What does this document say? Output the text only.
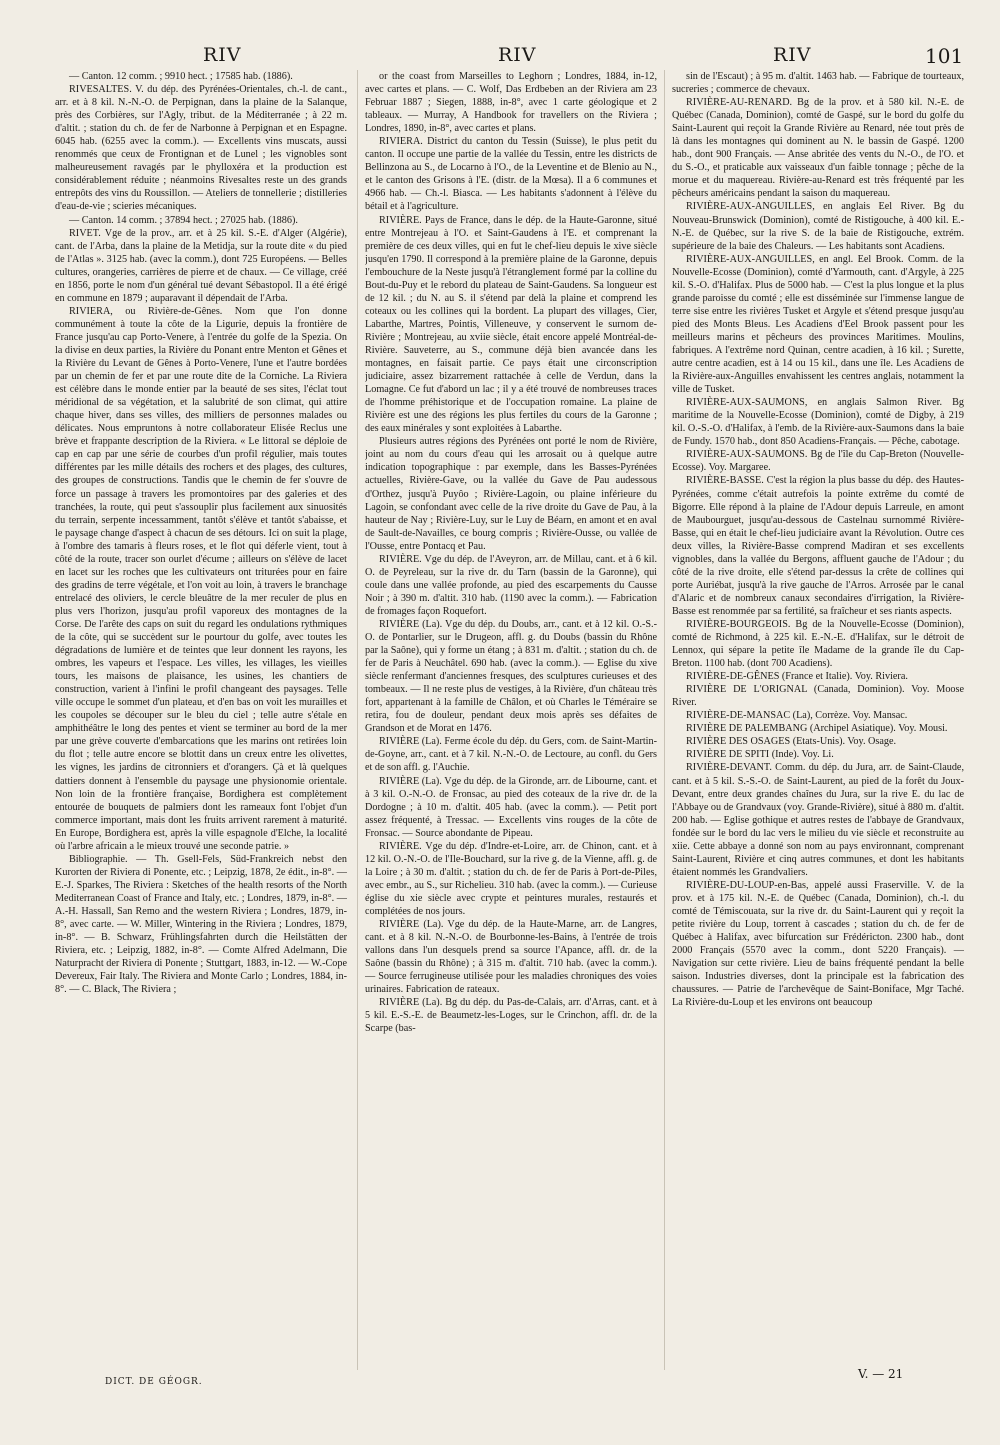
RIV	RIV	RIV	101

— Canton. 12 comm. ; 9910 hect. ; 17585 hab. (1886).

RIVESALTES. V. du dép. des Pyrénées-Orientales, ch.-l. de cant., arr. et à 8 kil. N.-N.-O. de Perpignan, dans la plaine de la Salanque, près des Corbières, sur l'Agly, tribut. de la Méditerranée ; à 22 m. d'altit. ; station du ch. de fer de Narbonne à Perpignan et en Espagne. 6045 hab. (6255 avec la comm.). — Excellents vins muscats, aussi renommés que ceux de Frontignan et de Lunel ; les vignobles sont malheureusement ravagés par le phylloxéra et la production est considérablement réduite ; néanmoins Rivesaltes reste un des grands entrepôts des vins du Roussillon. — Ateliers de tonnellerie ; distilleries d'eau-de-vie ; scieries mécaniques.

— Canton. 14 comm. ; 37894 hect. ; 27025 hab. (1886).

RIVET. Vge de la prov., arr. et à 25 kil. S.-E. d'Alger (Algérie), cant. de l'Arba, dans la plaine de la Metidja, sur la route dite « du pied de l'Atlas ». 3125 hab. (avec la comm.), dont 725 Européens. — Belles cultures, orangeries, carrières de pierre et de chaux. — Ce village, créé en 1856, porte le nom d'un général tué devant Sébastopol. Il a été érigé en commune en 1879 ; auparavant il dépendait de l'Arba.

RIVIERA, ou Rivière-de-Gênes. Nom que l'on donne communément à toute la côte de la Ligurie, depuis la frontière de France jusqu'au cap Porto-Venere, à l'entrée du golfe de la Spezia. On la divise en deux parties, la Rivière du Ponant entre Menton et Gênes et la Rivière du Levant de Gênes à Porto-Venere, l'une et l'autre bordées par un chemin de fer et par une route dite de la Corniche. La Riviera est célèbre dans le monde entier par la beauté de ses sites, l'éclat tout méridional de sa végétation, et la salubrité de son climat, qui attire chaque hiver, dans ses villes, des milliers de personnes malades ou délicates. Nous empruntons à notre collaborateur Elisée Reclus une brève et frappante description de la Riviera. « Le littoral se déploie de cap en cap par une série de courbes d'un profil régulier, mais toutes différentes par les mille détails des rochers et des plages, des cultures, des groupes de constructions. Tandis que le chemin de fer s'ouvre de force un passage à travers les promontoires par des galeries et des tranchées, la route, qui peut s'assouplir plus facilement aux sinuosités du terrain, serpente incessamment, tantôt s'élève et tantôt s'abaisse, et le paysage change d'aspect à chacun de ses détours. Ici on suit la plage, à l'ombre des tamaris à fleurs roses, et le flot qui déferle vient, tout à côté de la route, tracer son ourlet d'écume ; ailleurs on s'élève de lacet en lacet sur les roches que les cultivateurs ont triturées pour en faire des gradins de terre végétale, et l'on voit au loin, à travers le branchage entrelacé des oliviers, le cercle bleuâtre de la mer reculer de plus en plus vers l'horizon, jusqu'au profil vaporeux des montagnes de la Corse. De l'arête des caps on suit du regard les ondulations rythmiques de la côte, qui se succèdent sur le pourtour du golfe, avec toutes les dégradations de lumière et de teintes que leur donnent les rayons, les ombres, les vapeurs et l'espace. Les villes, les villages, les vieilles tours, les maisons de plaisance, les usines, les chantiers de construction, varient à l'infini le profil changeant des paysages. Telle ville occupe le sommet d'un plateau, et d'en bas on voit les murailles et les coupoles se découper sur le bleu du ciel ; telle autre s'étale en amphithéâtre le long des pentes et vient se terminer au bord de la mer par une grève couverte d'embarcations que les marins ont retirées loin du flot ; telle autre encore se blottit dans un creux entre les olivettes, les vignes, les jardins de citronniers et d'orangers. Çà et là quelques dattiers donnent à l'ensemble du paysage une physionomie orientale. Non loin de la frontière française, Bordighera est complètement entourée de bouquets de palmiers dont les rameaux font l'objet d'un commerce important, mais dont les fruits arrivent rarement à maturité. En Europe, Bordighera est, après la ville espagnole d'Elche, la localité où l'arbre africain a le mieux trouvé une seconde patrie. »

Bibliographie. — Th. Gsell-Fels, Süd-Frankreich nebst den Kurorten der Riviera di Ponente, etc. ; Leipzig, 1878, 2e édit., in-8°. — E.-J. Sparkes, The Riviera : Sketches of the health resorts of the North Mediterranean Coast of France and Italy, etc. ; Londres, 1879, in-8°. — A.-H. Hassall, San Remo and the western Riviera ; Londres, 1879, in-8°, avec carte. — W. Miller, Wintering in the Riviera ; Londres, 1879, in-8°. — B. Schwarz, Frühlingsfahrten durch die Heilstätten der Riviera, etc. ; Leipzig, 1882, in-8°. — Comte Alfred Adelmann, Die Naturpracht der Riviera di Ponente ; Stuttgart, 1883, in-12. — W.-Cope Devereux, Fair Italy. The Riviera and Monte Carlo ; Londres, 1884, in-8°. — C. Black, The Riviera ;

or the coast from Marseilles to Leghorn ; Londres, 1884, in-12, avec cartes et plans. — C. Wolf, Das Erdbeben an der Riviera am 23 Februar 1887 ; Siegen, 1888, in-8°, avec 1 carte géologique et 2 tableaux. — Murray, A Handbook for travellers on the Riviera ; Londres, 1890, in-8°, avec cartes et plans.

RIVIERA. District du canton du Tessin (Suisse), le plus petit du canton. Il occupe une partie de la vallée du Tessin, entre les districts de Bellinzona au S., de Locarno à l'O., de la Leventine et de Blenio au N., et le canton des Grisons à l'E. (distr. de la Mœsa). Il a 6 communes et 4966 hab. — Ch.-l. Biasca. — Les habitants s'adonnent à l'élève du bétail et à l'agriculture.

RIVIÈRE. Pays de France, dans le dép. de la Haute-Garonne, situé entre Montrejeau à l'O. et Saint-Gaudens à l'E. et comprenant la première de ces deux villes, qui en fut le chef-lieu depuis le xive siècle jusqu'en 1790. Il correspond à la première plaine de la Garonne, depuis l'embouchure de la Neste jusqu'à l'étranglement formé par la colline du Bout-du-Puy et le rebord du plateau de Saint-Gaudens. Sa longueur est de 12 kil. ; du N. au S. il s'étend par delà la plaine et comprend les coteaux ou les collines qui la bordent. La plupart des villages, Cier, Labarthe, Martres, Pointis, Villeneuve, y conservent le surnom de-Rivière ; Montrejeau, au xviie siècle, était encore appelé Montréal-de-Rivière. Sauveterre, au S., commune déjà bien avancée dans les montagnes, en faisait partie. Ce pays était une circonscription judiciaire, assez bizarrement rattachée à celle de Verdun, dans la Lomagne. Ce fut d'abord un lac ; il y a été trouvé de nombreuses traces de l'homme préhistorique et de l'occupation romaine. La plaine de Rivière est une des régions les plus fertiles du cours de la Garonne ; des eaux minérales y sont exploitées à Labarthe.

Plusieurs autres régions des Pyrénées ont porté le nom de Rivière, joint au nom du cours d'eau qui les arrosait ou à quelque autre indication topographique : par exemple, dans les Basses-Pyrénées actuelles, Rivière-Gave, ou la vallée du Gave de Pau audessous d'Orthez, jusqu'à Puyôo ; Rivière-Lagoin, ou plaine inférieure du Lagoin, se confondant avec celle de la rive droite du Gave de Pau, à la hauteur de Nay ; Rivière-Luy, sur le Luy de Béarn, en amont et en aval de Sault-de-Navailles, ce bourg compris ; Rivière-Ousse, ou vallée de l'Ousse, entre Pontacq et Pau.

RIVIÈRE. Vge du dép. de l'Aveyron, arr. de Millau, cant. et à 6 kil. O. de Peyreleau, sur la rive dr. du Tarn (bassin de la Garonne), qui coule dans une vallée profonde, au pied des escarpements du Causse Noir ; à 390 m. d'altit. 310 hab. (1190 avec la comm.). — Fabrication de fromages façon Roquefort.

RIVIÈRE (La). Vge du dép. du Doubs, arr., cant. et à 12 kil. O.-S.-O. de Pontarlier, sur le Drugeon, affl. g. du Doubs (bassin du Rhône par la Saône), qui y forme un étang ; à 831 m. d'altit. ; station du ch. de fer de Paris à Neuchâtel. 690 hab. (avec la comm.). — Eglise du xive siècle renfermant d'anciennes fresques, des sculptures curieuses et des tombeaux. — Il ne reste plus de vestiges, à la Rivière, d'un château très fort, appartenant à la famille de Châlon, et où Charles le Téméraire se retira, fou de douleur, pendant deux mois après ses défaites de Grandson et de Morat en 1476.

RIVIÈRE (La). Ferme école du dép. du Gers, com. de Saint-Martin-de-Goyne, arr., cant. et à 7 kil. N.-N.-O. de Lectoure, au confl. du Gers et de son affl. g. l'Auchie.

RIVIÈRE (La). Vge du dép. de la Gironde, arr. de Libourne, cant. et à 3 kil. O.-N.-O. de Fronsac, au pied des coteaux de la rive dr. de la Dordogne ; à 10 m. d'altit. 405 hab. (avec la comm.). — Petit port assez fréquenté, à Tressac. — Excellents vins rouges de la côte de Fronsac. — Source abondante de Pipeau.

RIVIÈRE. Vge du dép. d'Indre-et-Loire, arr. de Chinon, cant. et à 12 kil. O.-N.-O. de l'Ile-Bouchard, sur la rive g. de la Vienne, affl. g. de la Loire ; à 30 m. d'altit. ; station du ch. de fer de Paris à Port-de-Piles, avec embr., au S., sur Richelieu. 310 hab. (avec la comm.). — Curieuse église du xie siècle avec crypte et peintures murales, restaurés et complétées de nos jours.

RIVIÈRE (La). Vge du dép. de la Haute-Marne, arr. de Langres, cant. et à 8 kil. N.-N.-O. de Bourbonne-les-Bains, à l'entrée de trois vallons dans l'un desquels prend sa source l'Apance, affl. dr. de la Saône (bassin du Rhône) ; à 315 m. d'altit. 710 hab. (avec la comm.). — Source ferrugineuse utilisée pour les maladies chroniques des voies urinaires. Fabrication de rateaux.

RIVIÈRE (La). Bg du dép. du Pas-de-Calais, arr. d'Arras, cant. et à 5 kil. E.-S.-E. de Beaumetz-les-Loges, sur le Crinchon, affl. dr. de la Scarpe (bas-

sin de l'Escaut) ; à 95 m. d'altit. 1463 hab. — Fabrique de tourteaux, sucreries ; commerce de chevaux.

RIVIÈRE-AU-RENARD. Bg de la prov. et à 580 kil. N.-E. de Québec (Canada, Dominion), comté de Gaspé, sur le bord du golfe du Saint-Laurent qui reçoit la Grande Rivière au Renard, née tout près de là dans les montagnes qui dominent au N. le bassin de Gaspé. 1200 hab., dont 900 Français. — Anse abritée des vents du N.-O., de l'O. et du S.-O., et praticable aux vaisseaux d'un faible tonnage ; pêche de la morue et du maquereau. Rivière-au-Renard est très fréquenté par les pêcheurs américains pendant la saison du maquereau.

RIVIÈRE-AUX-ANGUILLES, en anglais Eel River. Bg du Nouveau-Brunswick (Dominion), comté de Ristigouche, à 400 kil. E.-N.-E. de Québec, sur la rive S. de la baie de Ristigouche, extrém. supérieure de la baie des Chaleurs. — Les habitants sont Acadiens.

RIVIÈRE-AUX-ANGUILLES, en angl. Eel Brook. Comm. de la Nouvelle-Ecosse (Dominion), comté d'Yarmouth, cant. d'Argyle, à 225 kil. S.-O. d'Halifax. Plus de 5000 hab. — C'est la plus longue et la plus grande paroisse du comté ; elle est disséminée sur l'immense langue de terre sise entre les rivières Tusket et Argyle et s'étend presque jusqu'au pied des Monts Bleus. Les Acadiens d'Eel Brook passent pour les meilleurs marins et pêcheurs des provinces Maritimes. Moulins, fabriques. A l'extrême nord Quinan, centre acadien, à 16 kil. ; Surette, autre centre acadien, est à 14 ou 15 kil., dans une île. Les Acadiens de la Rivière-aux-Anguilles envahissent les centres anglais, notamment la ville de Tusket.

RIVIÈRE-AUX-SAUMONS, en anglais Salmon River. Bg maritime de la Nouvelle-Ecosse (Dominion), comté de Digby, à 219 kil. O.-S.-O. d'Halifax, à l'emb. de la Rivière-aux-Saumons dans la baie de Fundy. 1570 hab., dont 850 Acadiens-Français. — Pêche, cabotage.

RIVIÈRE-AUX-SAUMONS. Bg de l'île du Cap-Breton (Nouvelle-Ecosse). Voy. Margaree.

RIVIÈRE-BASSE. C'est la région la plus basse du dép. des Hautes-Pyrénées, comme c'était autrefois la pointe extrême du comté de Bigorre. Elle répond à la plaine de l'Adour depuis Larreule, en amont de Maubourguet, jusqu'au-dessous de Castelnau surnommé Rivière-Basse, qui en était le chef-lieu judiciaire avant la Révolution. Outre ces deux villes, la Rivière-Basse comprend Madiran et ses excellents vignobles, dans la vallée du Bergons, affluent gauche de l'Adour ; du côté de la rive droite, elle s'étend par-dessus la crête de collines qui porte Auriébat, jusqu'à la rive gauche de l'Arros. Arrosée par le canal d'Alaric et de nombreux canaux secondaires d'irrigation, la Rivière-Basse est renommée par sa fertilité, sa fraîcheur et ses riants aspects.

RIVIÈRE-BOURGEOIS. Bg de la Nouvelle-Ecosse (Dominion), comté de Richmond, à 225 kil. E.-N.-E. d'Halifax, sur le détroit de Lennox, qui sépare la petite île Madame de la grande île du Cap-Breton. 1100 hab. (dont 700 Acadiens).

RIVIÈRE-DE-GÊNES (France et Italie). Voy. Riviera.

RIVIÈRE DE L'ORIGNAL (Canada, Dominion). Voy. Moose River.

RIVIÈRE-DE-MANSAC (La), Corrèze. Voy. Mansac.

RIVIÈRE DE PALEMBANG (Archipel Asiatique). Voy. Mousi.

RIVIÈRE DES OSAGES (Etats-Unis). Voy. Osage.

RIVIÈRE DE SPITI (Inde). Voy. Li.

RIVIÈRE-DEVANT. Comm. du dép. du Jura, arr. de Saint-Claude, cant. et à 5 kil. S.-S.-O. de Saint-Laurent, au pied de la forêt du Joux-Devant, entre deux grandes chaînes du Jura, sur la rive E. du lac de l'Abbaye ou de Grandvaux (voy. Grande-Rivière), situé à 880 m. d'altit. 200 hab. — Eglise gothique et autres restes de l'abbaye de Grandvaux, fondée sur le bord du lac vers le milieu du vie siècle et reconstruite au xiie. Cette abbaye a donné son nom au pays environnant, comprenant Saint-Laurent, Rivière et cinq autres communes, et dont les habitants étaient nommés les Grandvaliers.

RIVIÈRE-DU-LOUP-en-Bas, appelé aussi Fraserville. V. de la prov. et à 175 kil. N.-E. de Québec (Canada, Dominion), ch.-l. du comté de Témiscouata, sur la rive dr. du Saint-Laurent qui y reçoit la petite rivière du Loup, torrent à cascades ; station du ch. de fer de Québec à Halifax, avec bifurcation sur Frédéricton. 2300 hab., dont 2000 Français (5570 avec la comm., dont 5220 Français). — Navigation sur cette rivière. Lieu de bains fréquenté pendant la belle saison. Industries diverses, dont la principale est la fabrication des chaussures. — Patrie de l'archevêque de Saint-Boniface, Mgr Taché. La Rivière-du-Loup et les environs ont beaucoup

DICT. DE GÉOGR.
V. — 21
